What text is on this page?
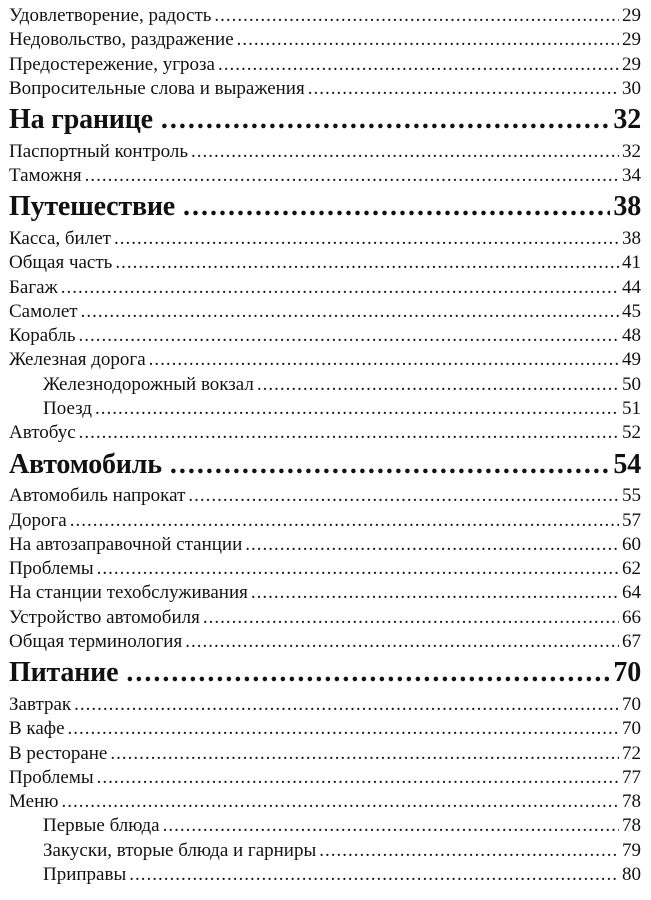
Удовлетворение, радость .....	29
Недовольство, раздражение .....	29
Предостережение, угроза .....	29
Вопросительные слова и выражения .....	30
На границе .....	32
Паспортный контроль .....	32
Таможня .....	34
Путешествие .....	38
Касса, билет .....	38
Общая часть .....	41
Багаж .....	44
Самолет .....	45
Корабль .....	48
Железная дорога .....	49
Железнодорожный вокзал .....	50
Поезд .....	51
Автобус .....	52
Автомобиль .....	54
Автомобиль напрокат .....	55
Дорога .....	57
На автозаправочной станции .....	60
Проблемы .....	62
На станции техобслуживания .....	64
Устройство автомобиля .....	66
Общая терминология .....	67
Питание .....	70
Завтрак .....	70
В кафе .....	70
В ресторане .....	72
Проблемы .....	77
Меню .....	78
Первые блюда .....	78
Закуски, вторые блюда и гарниры .....	79
Приправы .....	80
